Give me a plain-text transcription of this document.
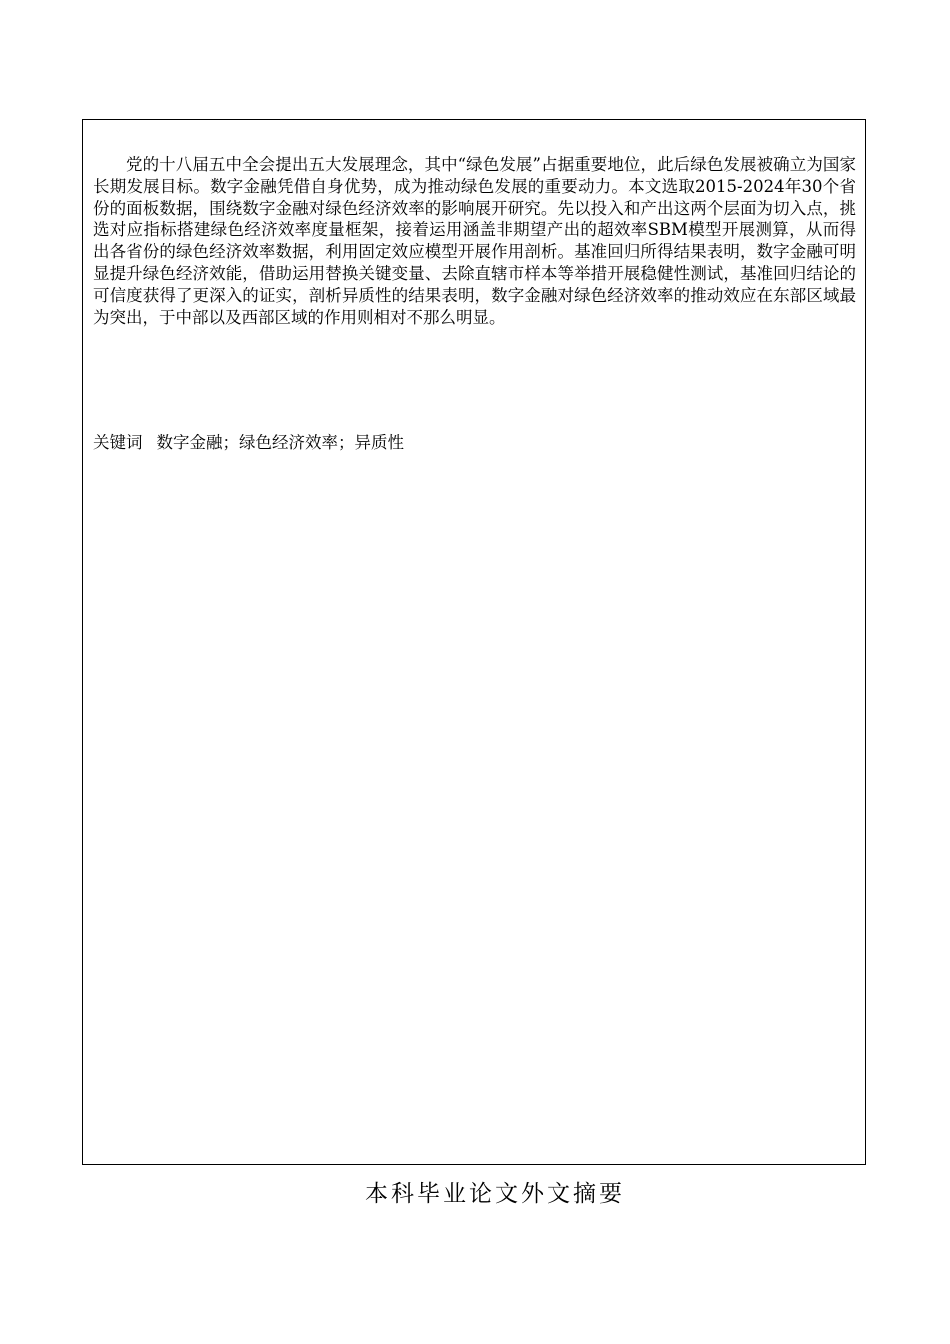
党的十八届五中全会提出五大发展理念，其中“绿色发展”占据重要地位，此后绿色发展被确立为国家长期发展目标。数字金融凭借自身优势，成为推动绿色发展的重要动力。本文选取2015-2024年30个省份的面板数据，围绕数字金融对绿色经济效率的影响展开研究。先以投入和产出这两个层面为切入点，挑选对应指标搭建绿色经济效率度量框架，接着运用涵盖非期望产出的超效率SBM模型开展测算，从而得出各省份的绿色经济效率数据，利用固定效应模型开展作用剖析。基准回归所得结果表明，数字金融可明显提升绿色经济效能，借助运用替换关键变量、去除直辖市样本等举措开展稳健性测试，基准回归结论的可信度获得了更深入的证实，剖析异质性的结果表明，数字金融对绿色经济效率的推动效应在东部区域最为突出，于中部以及西部区域的作用则相对不那么明显。

关键词 数字金融；绿色经济效率；异质性

本科毕业论文外文摘要
